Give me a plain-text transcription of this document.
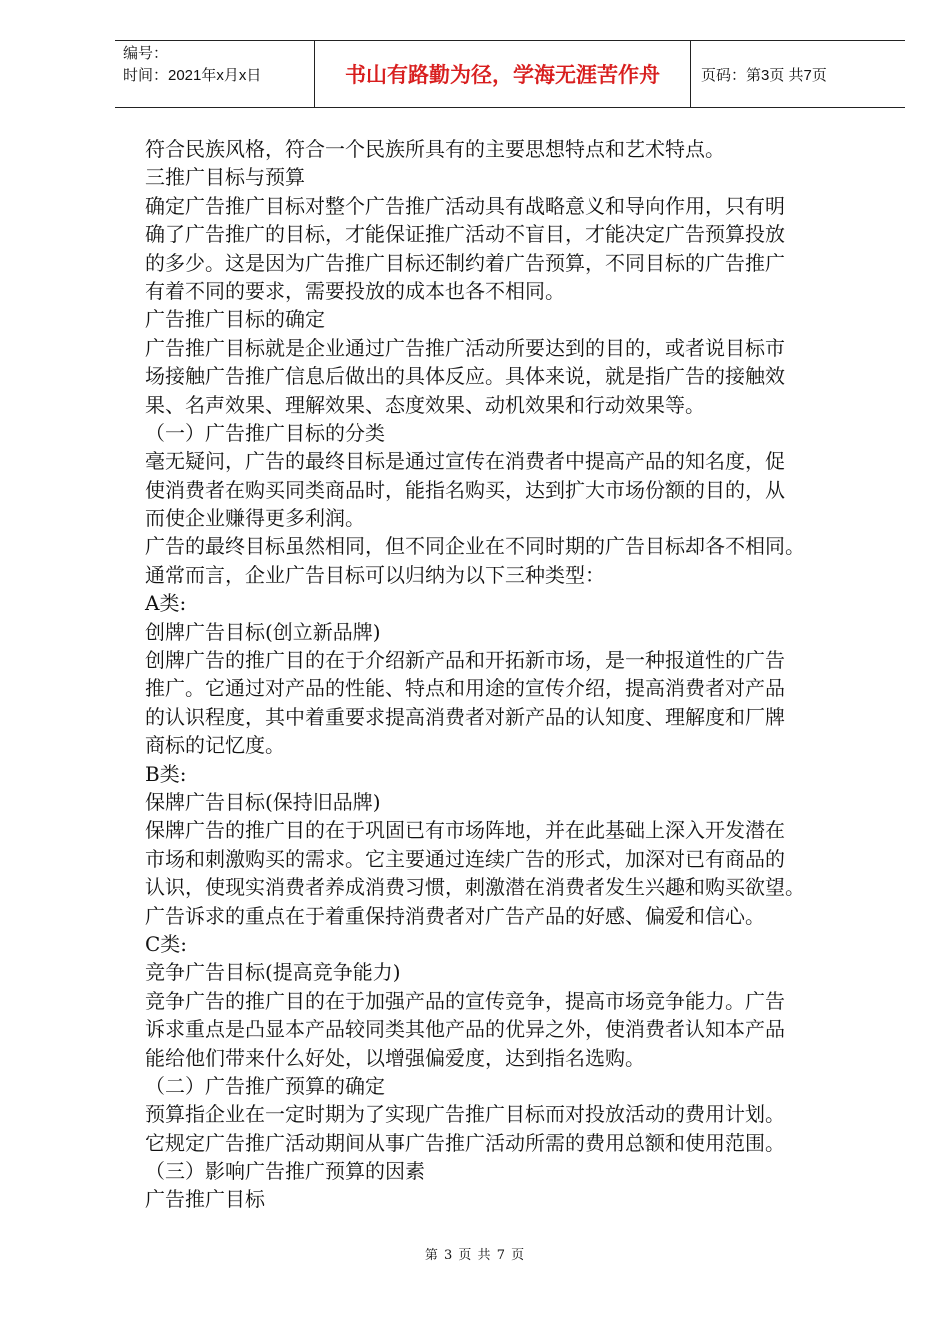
编号：
时间：2021年x月x日	书山有路勤为径，学海无涯苦作舟	页码：第3页 共7页
符合民族风格，符合一个民族所具有的主要思想特点和艺术特点。
三推广目标与预算
确定广告推广目标对整个广告推广活动具有战略意义和导向作用，只有明
确了广告推广的目标，才能保证推广活动不盲目，才能决定广告预算投放
的多少。这是因为广告推广目标还制约着广告预算，不同目标的广告推广
有着不同的要求，需要投放的成本也各不相同。
广告推广目标的确定
广告推广目标就是企业通过广告推广活动所要达到的目的，或者说目标市
场接触广告推广信息后做出的具体反应。具体来说，就是指广告的接触效
果、名声效果、理解效果、态度效果、动机效果和行动效果等。
（一）广告推广目标的分类
毫无疑问，广告的最终目标是通过宣传在消费者中提高产品的知名度，促
使消费者在购买同类商品时，能指名购买，达到扩大市场份额的目的，从
而使企业赚得更多利润。
广告的最终目标虽然相同，但不同企业在不同时期的广告目标却各不相同。
通常而言，企业广告目标可以归纳为以下三种类型：
A类:
创牌广告目标(创立新品牌)
创牌广告的推广目的在于介绍新产品和开拓新市场，是一种报道性的广告
推广。它通过对产品的性能、特点和用途的宣传介绍，提高消费者对产品
的认识程度，其中着重要求提高消费者对新产品的认知度、理解度和厂牌
商标的记忆度。
B类:
保牌广告目标(保持旧品牌)
保牌广告的推广目的在于巩固已有市场阵地，并在此基础上深入开发潜在
市场和刺激购买的需求。它主要通过连续广告的形式，加深对已有商品的
认识，使现实消费者养成消费习惯，刺激潜在消费者发生兴趣和购买欲望。
广告诉求的重点在于着重保持消费者对广告产品的好感、偏爱和信心。
C类:
竞争广告目标(提高竞争能力)
竞争广告的推广目的在于加强产品的宣传竞争，提高市场竞争能力。广告
诉求重点是凸显本产品较同类其他产品的优异之外，使消费者认知本产品
能给他们带来什么好处，以增强偏爱度，达到指名选购。
（二）广告推广预算的确定
预算指企业在一定时期为了实现广告推广目标而对投放活动的费用计划。
它规定广告推广活动期间从事广告推广活动所需的费用总额和使用范围。
（三）影响广告推广预算的因素
广告推广目标
第 3 页 共 7 页
